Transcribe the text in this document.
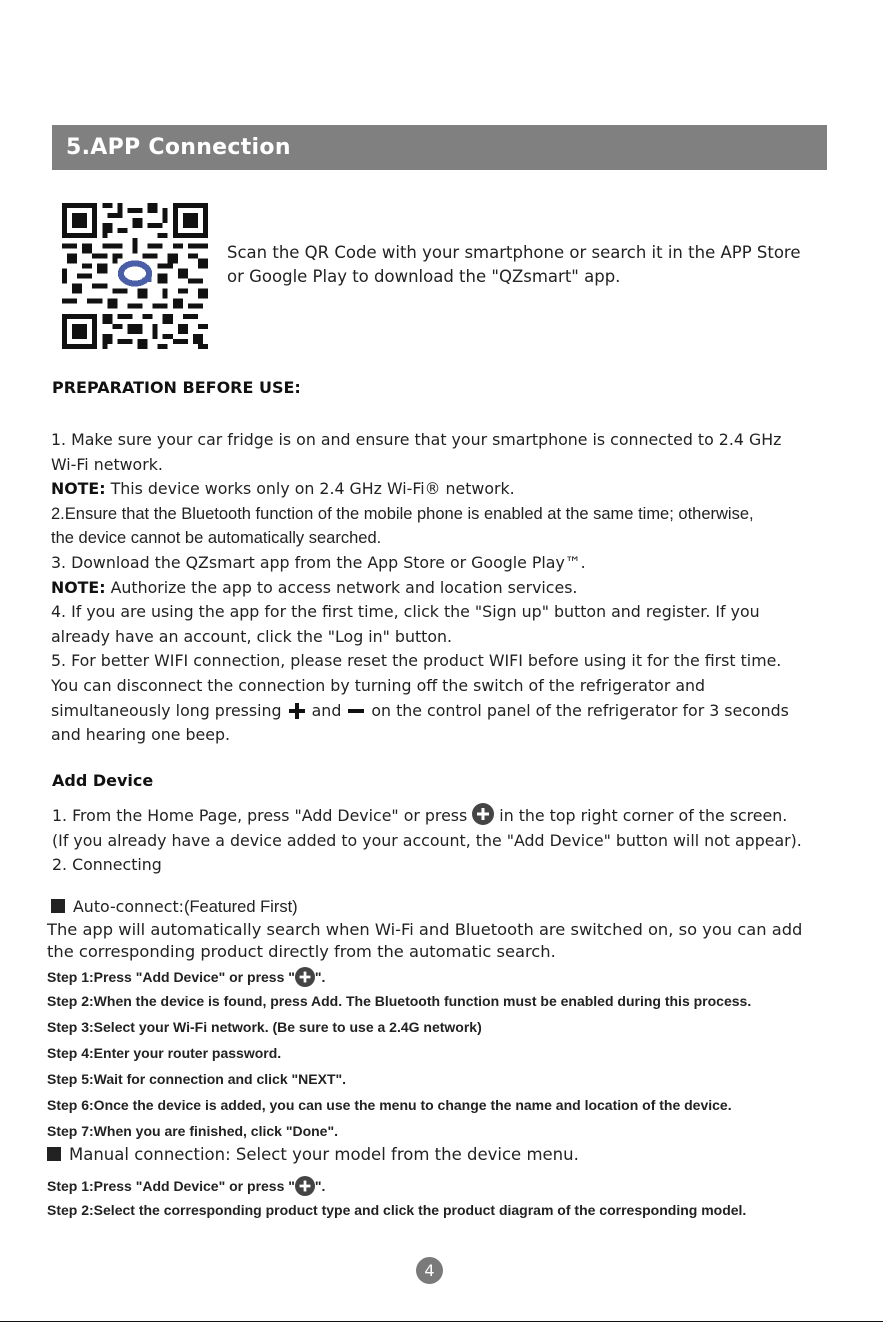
5.APP Connection
Scan the QR Code with your smartphone or search it in the APP Store
or Google Play to download the "QZsmart" app.
PREPARATION BEFORE USE:
1. Make sure your car fridge is on and ensure that your smartphone is connected to 2.4 GHz
Wi-Fi network.
NOTE: This device works only on 2.4 GHz Wi-Fi® network.
2.Ensure that the Bluetooth function of the mobile phone is enabled at the same time; otherwise,
the device cannot be automatically searched.
3. Download the QZsmart app from the App Store or Google Play™.
NOTE: Authorize the app to access network and location services.
4. If you are using the app for the first time, click the "Sign up" button and register. If you
already have an account, click the "Log in" button.
5. For better WIFI connection, please reset the product WIFI before using it for the first time.
You can disconnect the connection by turning off the switch of the refrigerator and
simultaneously long pressing  and  on the control panel of the refrigerator for 3 seconds
and hearing one beep.
Add Device
1. From the Home Page, press "Add Device" or press  in the top right corner of the screen.
(If you already have a device added to your account, the "Add Device" button will not appear).
2. Connecting
Auto-connect:(Featured First)
The app will automatically search when Wi-Fi and Bluetooth are switched on, so you can add
the corresponding product directly from the automatic search.
Step 1:Press "Add Device" or press " ".
Step 2:When the device is found, press Add. The Bluetooth function must be enabled during this process.
Step 3:Select your Wi-Fi network. (Be sure to use a 2.4G network)
Step 4:Enter your router password.
Step 5:Wait for connection and click "NEXT".
Step 6:Once the device is added, you can use the menu to change the name and location of the device.
Step 7:When you are finished, click "Done".
Manual connection: Select your model from the device menu.
Step 1:Press "Add Device" or press " ".
Step 2:Select the corresponding product type and click the product diagram of the corresponding model.
4
